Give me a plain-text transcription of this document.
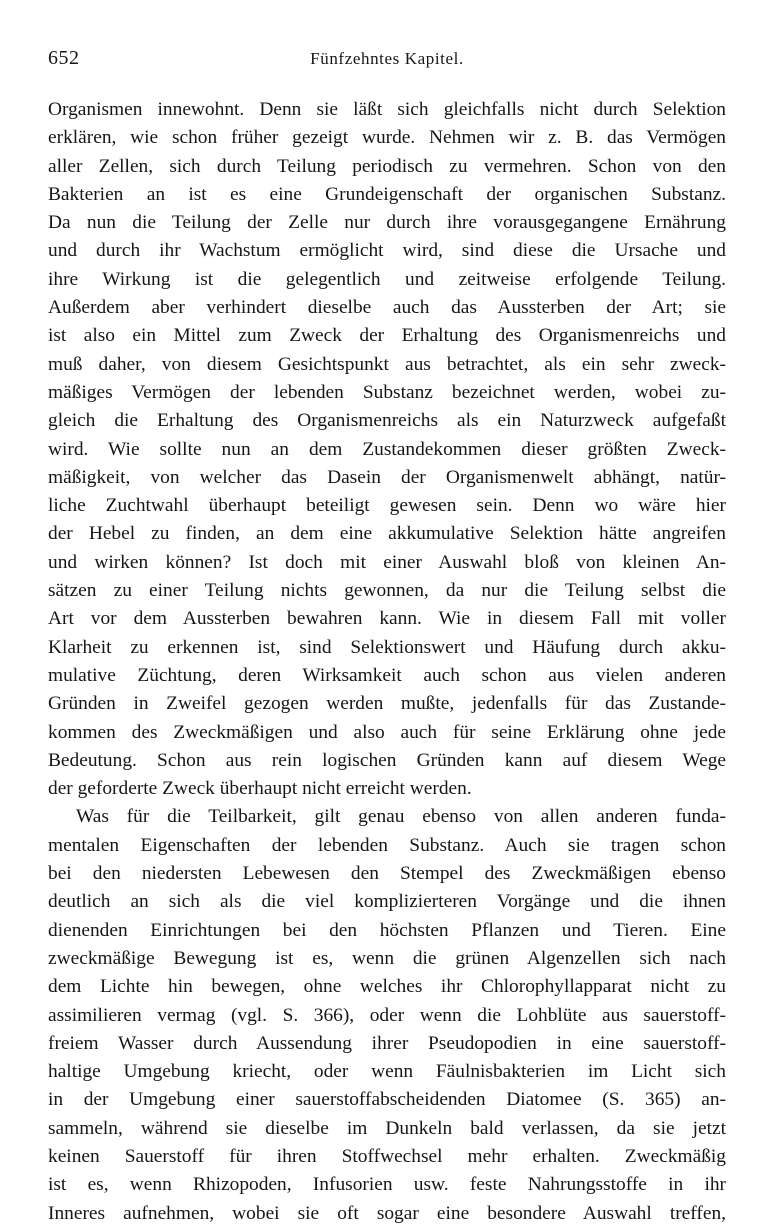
652	Fünfzehntes Kapitel.
Organismen innewohnt. Denn sie läßt sich gleichfalls nicht durch Selektion
erklären, wie schon früher gezeigt wurde. Nehmen wir z. B. das Vermögen
aller Zellen, sich durch Teilung periodisch zu vermehren. Schon von den
Bakterien an ist es eine Grundeigenschaft der organischen Substanz.
Da nun die Teilung der Zelle nur durch ihre vorausgegangene Ernährung
und durch ihr Wachstum ermöglicht wird, sind diese die Ursache und
ihre Wirkung ist die gelegentlich und zeitweise erfolgende Teilung.
Außerdem aber verhindert dieselbe auch das Aussterben der Art; sie
ist also ein Mittel zum Zweck der Erhaltung des Organismenreichs und
muß daher, von diesem Gesichtspunkt aus betrachtet, als ein sehr zweck-
mäßiges Vermögen der lebenden Substanz bezeichnet werden, wobei zu-
gleich die Erhaltung des Organismenreichs als ein Naturzweck aufgefaßt
wird. Wie sollte nun an dem Zustandekommen dieser größten Zweck-
mäßigkeit, von welcher das Dasein der Organismenwelt abhängt, natür-
liche Zuchtwahl überhaupt beteiligt gewesen sein. Denn wo wäre hier
der Hebel zu finden, an dem eine akkumulative Selektion hätte angreifen
und wirken können? Ist doch mit einer Auswahl bloß von kleinen An-
sätzen zu einer Teilung nichts gewonnen, da nur die Teilung selbst die
Art vor dem Aussterben bewahren kann. Wie in diesem Fall mit voller
Klarheit zu erkennen ist, sind Selektionswert und Häufung durch akku-
mulative Züchtung, deren Wirksamkeit auch schon aus vielen anderen
Gründen in Zweifel gezogen werden mußte, jedenfalls für das Zustande-
kommen des Zweckmäßigen und also auch für seine Erklärung ohne jede
Bedeutung. Schon aus rein logischen Gründen kann auf diesem Wege
der geforderte Zweck überhaupt nicht erreicht werden.
Was für die Teilbarkeit, gilt genau ebenso von allen anderen funda-
mentalen Eigenschaften der lebenden Substanz. Auch sie tragen schon
bei den niedersten Lebewesen den Stempel des Zweckmäßigen ebenso
deutlich an sich als die viel komplizierteren Vorgänge und die ihnen
dienenden Einrichtungen bei den höchsten Pflanzen und Tieren. Eine
zweckmäßige Bewegung ist es, wenn die grünen Algenzellen sich nach
dem Lichte hin bewegen, ohne welches ihr Chlorophyllapparat nicht zu
assimilieren vermag (vgl. S. 366), oder wenn die Lohblüte aus sauerstoff-
freiem Wasser durch Aussendung ihrer Pseudopodien in eine sauerstoff-
haltige Umgebung kriecht, oder wenn Fäulnisbakterien im Licht sich
in der Umgebung einer sauerstoffabscheidenden Diatomee (S. 365) an-
sammeln, während sie dieselbe im Dunkeln bald verlassen, da sie jetzt
keinen Sauerstoff für ihren Stoffwechsel mehr erhalten. Zweckmäßig
ist es, wenn Rhizopoden, Infusorien usw. feste Nahrungsstoffe in ihr
Inneres aufnehmen, wobei sie oft sogar eine besondere Auswahl treffen,
